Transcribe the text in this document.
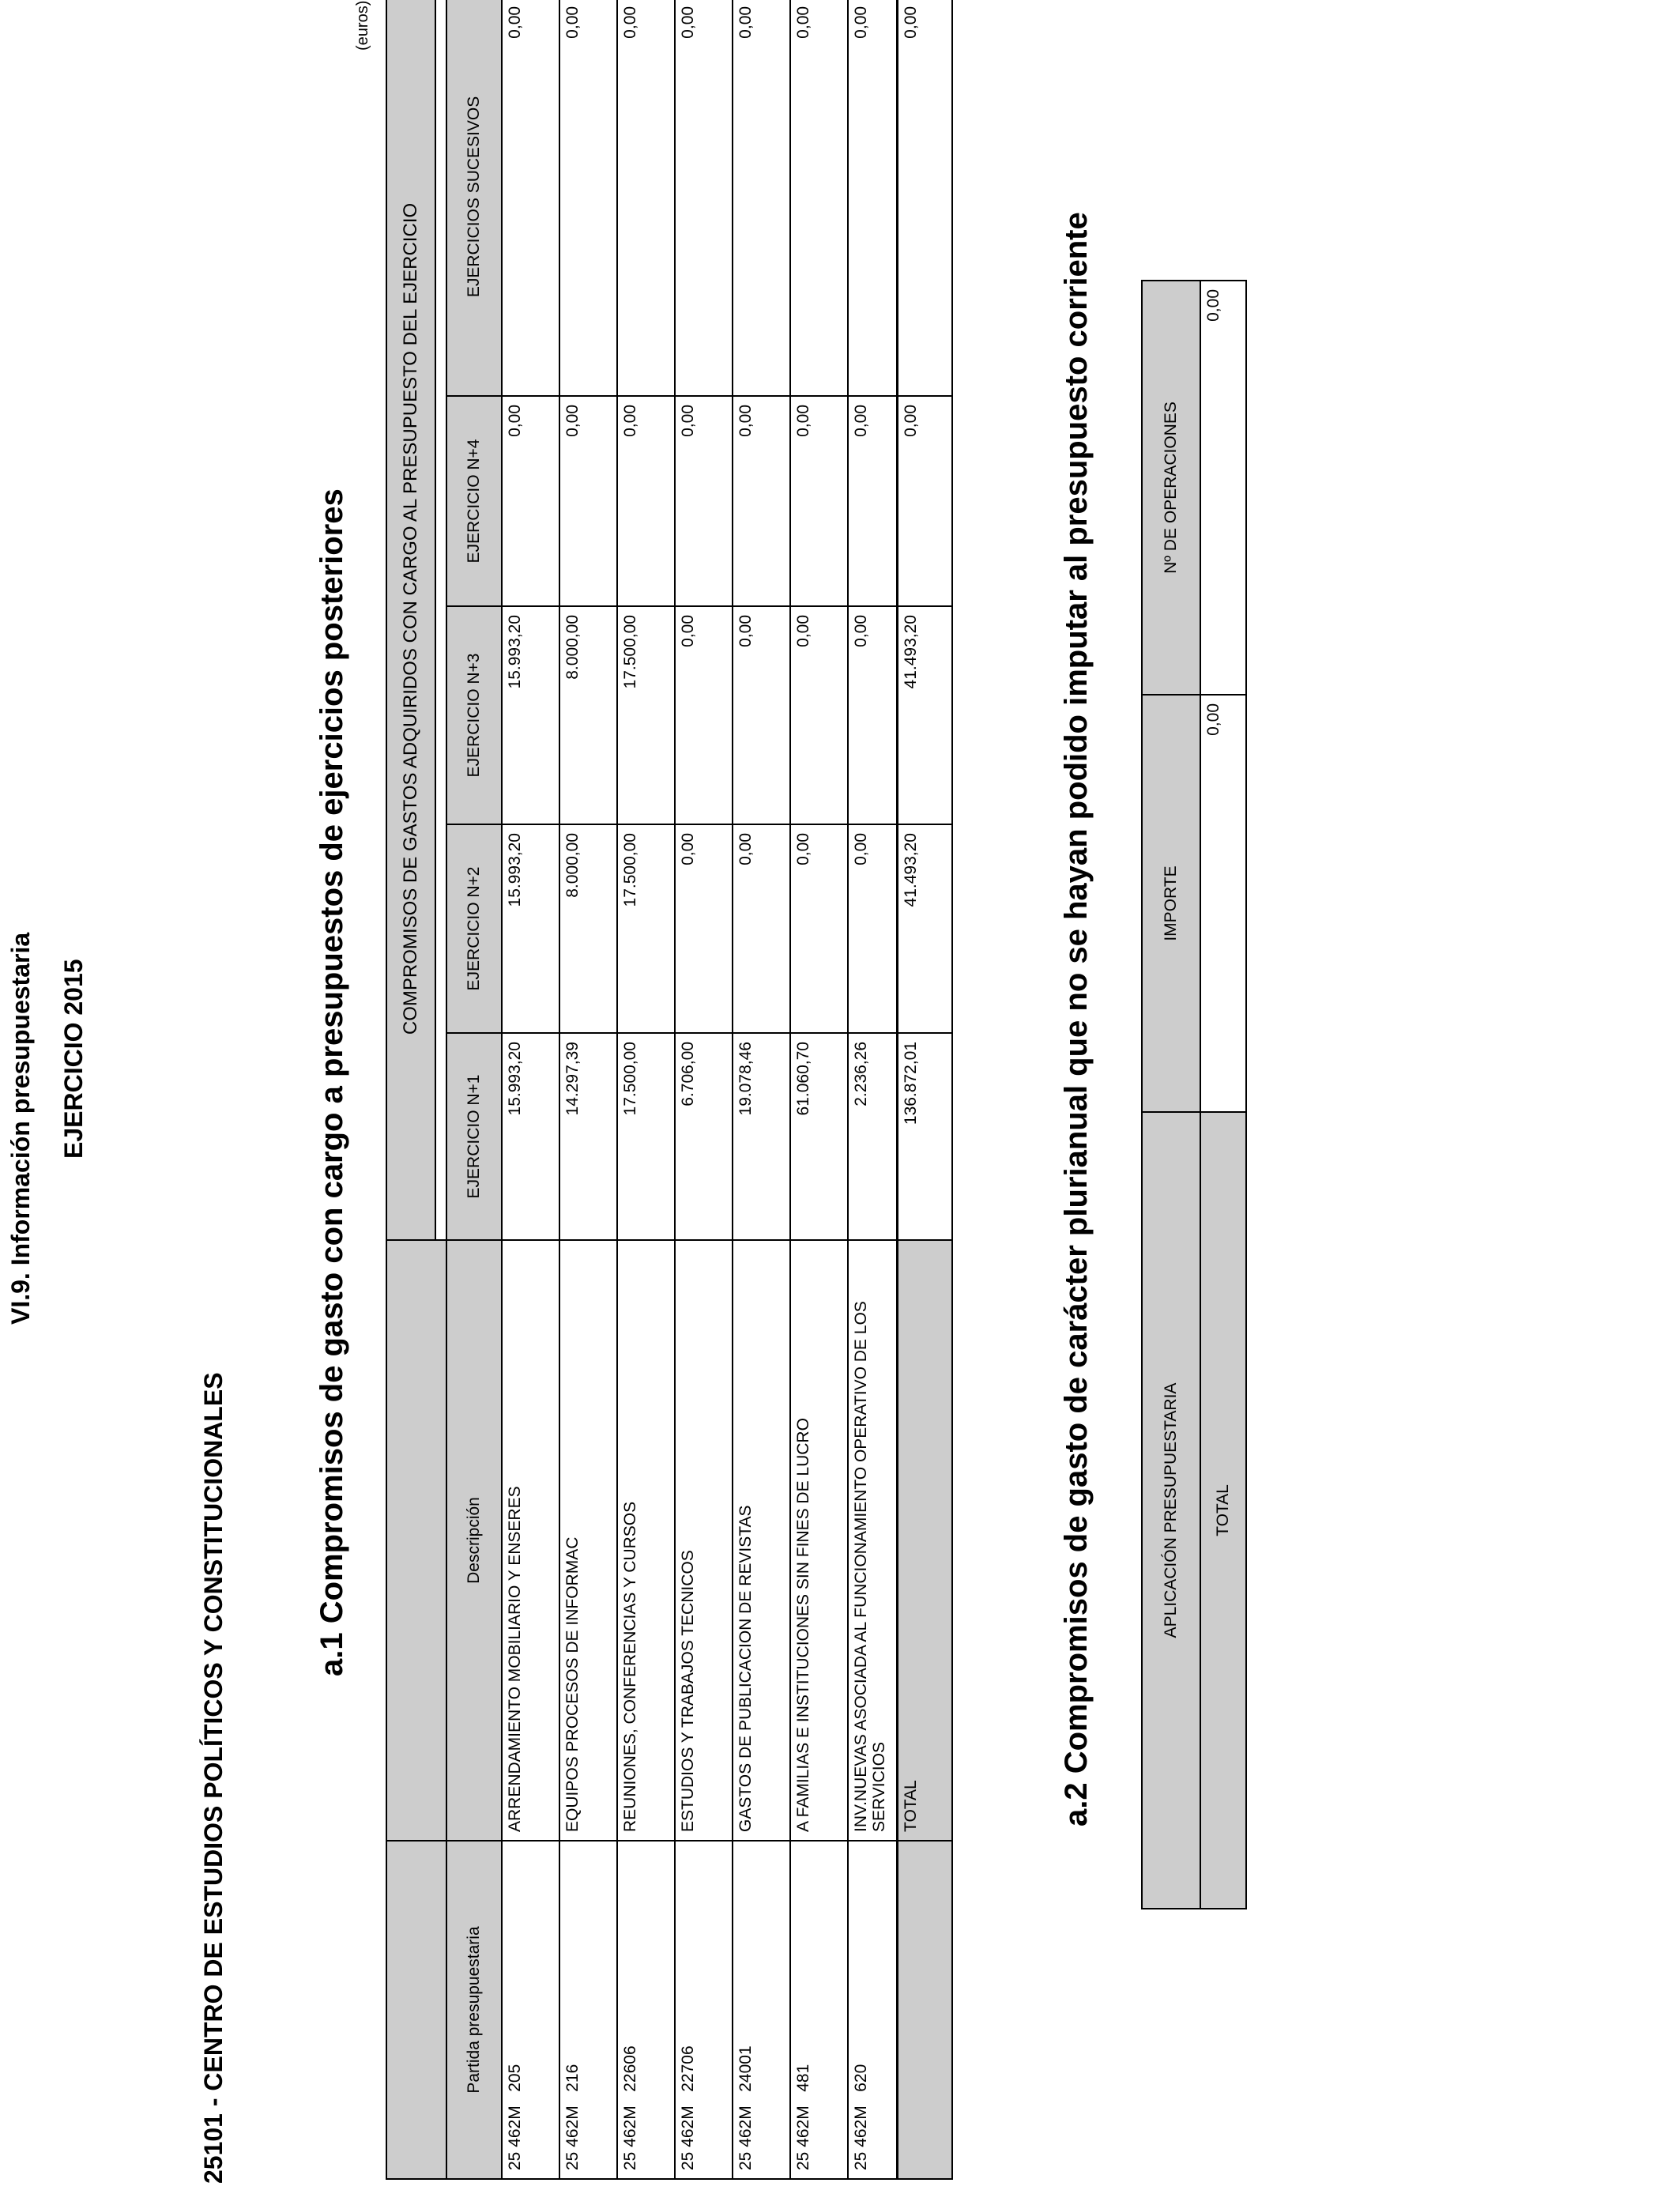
VI.9. Información presupuestaria EJERCICIO 2015
25101 - CENTRO DE ESTUDIOS POLÍTICOS Y CONSTITUCIONALES
a.1 Compromisos de gasto con cargo a presupuestos de ejercicios posteriores
(euros)
		COMPROMISOS DE GASTOS ADQUIRIDOS CON CARGO AL PRESUPUESTO DEL EJERCICIO				

Partida presupuestaria	Descripción	EJERCICIO N+1	EJERCICIO N+2	EJERCICIO N+3	EJERCICIO N+4	EJERCICIOS SUCESIVOS
25 462M   205	ARRENDAMIENTO MOBILIARIO Y ENSERES	15.993,20	15.993,20	15.993,20	0,00	0,00
25 462M   216	EQUIPOS PROCESOS DE INFORMAC	14.297,39	8.000,00	8.000,00	0,00	0,00
25 462M   22606	REUNIONES, CONFERENCIAS Y CURSOS	17.500,00	17.500,00	17.500,00	0,00	0,00
25 462M   22706	ESTUDIOS Y TRABAJOS TECNICOS	6.706,00	0,00	0,00	0,00	0,00
25 462M   24001	GASTOS DE PUBLICACION DE REVISTAS	19.078,46	0,00	0,00	0,00	0,00
25 462M   481	A FAMILIAS E INSTITUCIONES SIN FINES DE LUCRO	61.060,70	0,00	0,00	0,00	0,00
25 462M   620	INV.NUEVAS ASOCIADA AL FUNCIONAMIENTO OPERATIVO DE LOS SERVICIOS	2.236,26	0,00	0,00	0,00	0,00
	TOTAL	136.872,01	41.493,20	41.493,20	0,00	0,00
a.2 Compromisos de gasto de carácter plurianual que no se hayan podido imputar al presupuesto corriente	APLICACIÓN PRESUPUESTARIA	IMPORTE	Nº DE OPERACIONES
TOTAL	0,00	0,00
